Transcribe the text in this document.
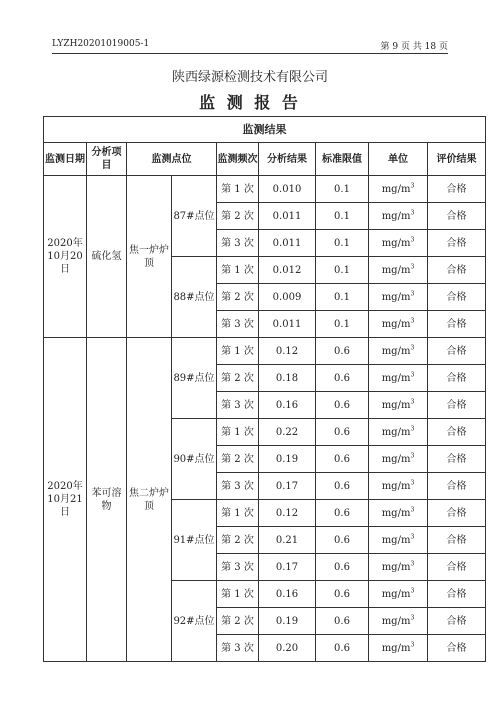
LYZH20201019005-1	第 9 页 共 18 页
陕西绿源检测技术有限公司
监 测 报 告
监测结果								
监测日期	分析项目	监测点位		监测频次	分析结果	标准限值	单位	评价结果
2020年10月20日	硫化氢	焦一炉炉顶	87#点位	第 1 次	0.010	0.1	$mg/m^3$	合格
				第 2 次	0.011	0.1	$mg/m^3$	合格
				第 3 次	0.011	0.1	$mg/m^3$	合格
			88#点位	第 1 次	0.012	0.1	$mg/m^3$	合格
				第 2 次	0.009	0.1	$mg/m^3$	合格
				第 3 次	0.011	0.1	$mg/m^3$	合格
2020年10月21日	苯可溶物	焦二炉炉顶	89#点位	第 1 次	0.12	0.6	$mg/m^3$	合格
				第 2 次	0.18	0.6	$mg/m^3$	合格
				第 3 次	0.16	0.6	$mg/m^3$	合格
			90#点位	第 1 次	0.22	0.6	$mg/m^3$	合格
				第 2 次	0.19	0.6	$mg/m^3$	合格
				第 3 次	0.17	0.6	$mg/m^3$	合格
			91#点位	第 1 次	0.12	0.6	$mg/m^3$	合格
				第 2 次	0.21	0.6	$mg/m^3$	合格
				第 3 次	0.17	0.6	$mg/m^3$	合格
			92#点位	第 1 次	0.16	0.6	$mg/m^3$	合格
				第 2 次	0.19	0.6	$mg/m^3$	合格
				第 3 次	0.20	0.6	$mg/m^3$	合格
